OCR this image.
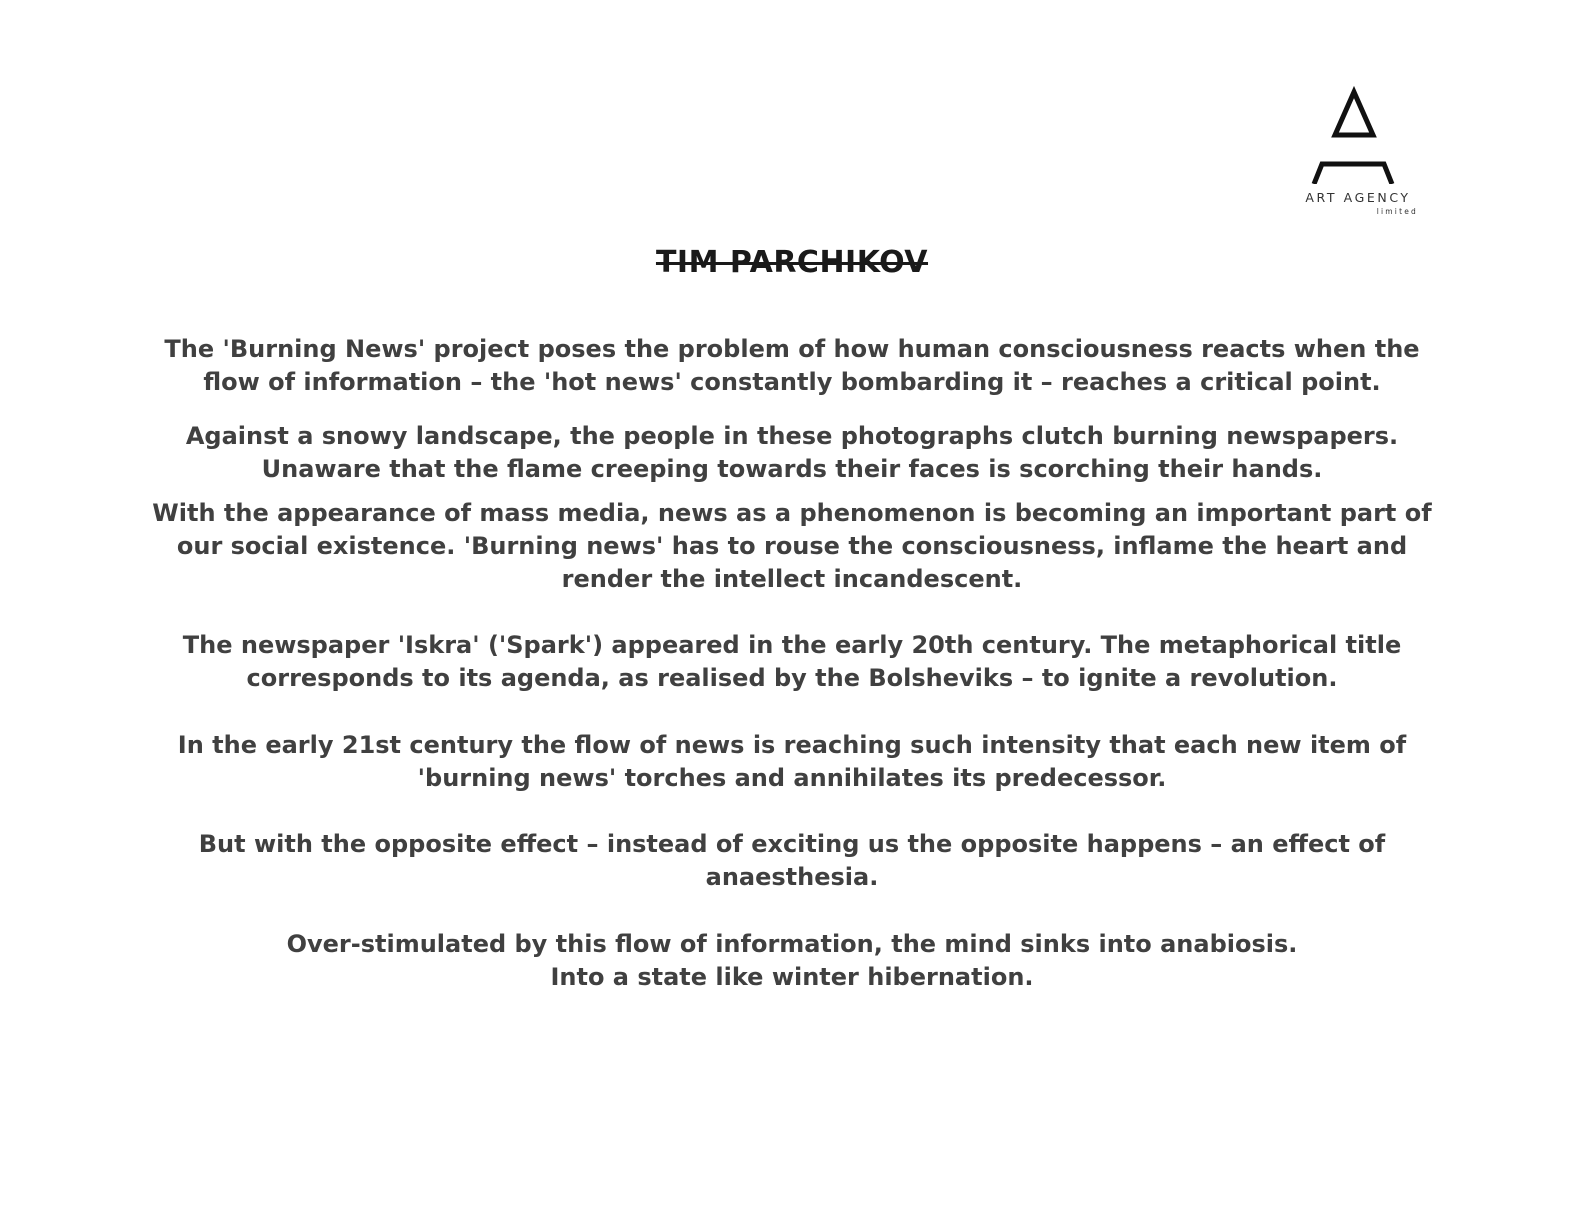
ART AGENCY
limited
TIM PARCHIKOV

The 'Burning News' project poses the problem of how human consciousness reacts when the
flow of information – the 'hot news' constantly bombarding it – reaches a critical point.

Against a snowy landscape, the people in these photographs clutch burning newspapers.
Unaware that the flame creeping towards their faces is scorching their hands.

With the appearance of mass media, news as a phenomenon is becoming an important part of
our social existence. 'Burning news' has to rouse the consciousness, inflame the heart and
render the intellect incandescent.

The newspaper 'Iskra' ('Spark') appeared in the early 20th century. The metaphorical title
corresponds to its agenda, as realised by the Bolsheviks – to ignite a revolution.

In the early 21st century the flow of news is reaching such intensity that each new item of
'burning news' torches and annihilates its predecessor.

But with the opposite effect – instead of exciting us the opposite happens – an effect of
anaesthesia.

Over-stimulated by this flow of information, the mind sinks into anabiosis.
Into a state like winter hibernation.
